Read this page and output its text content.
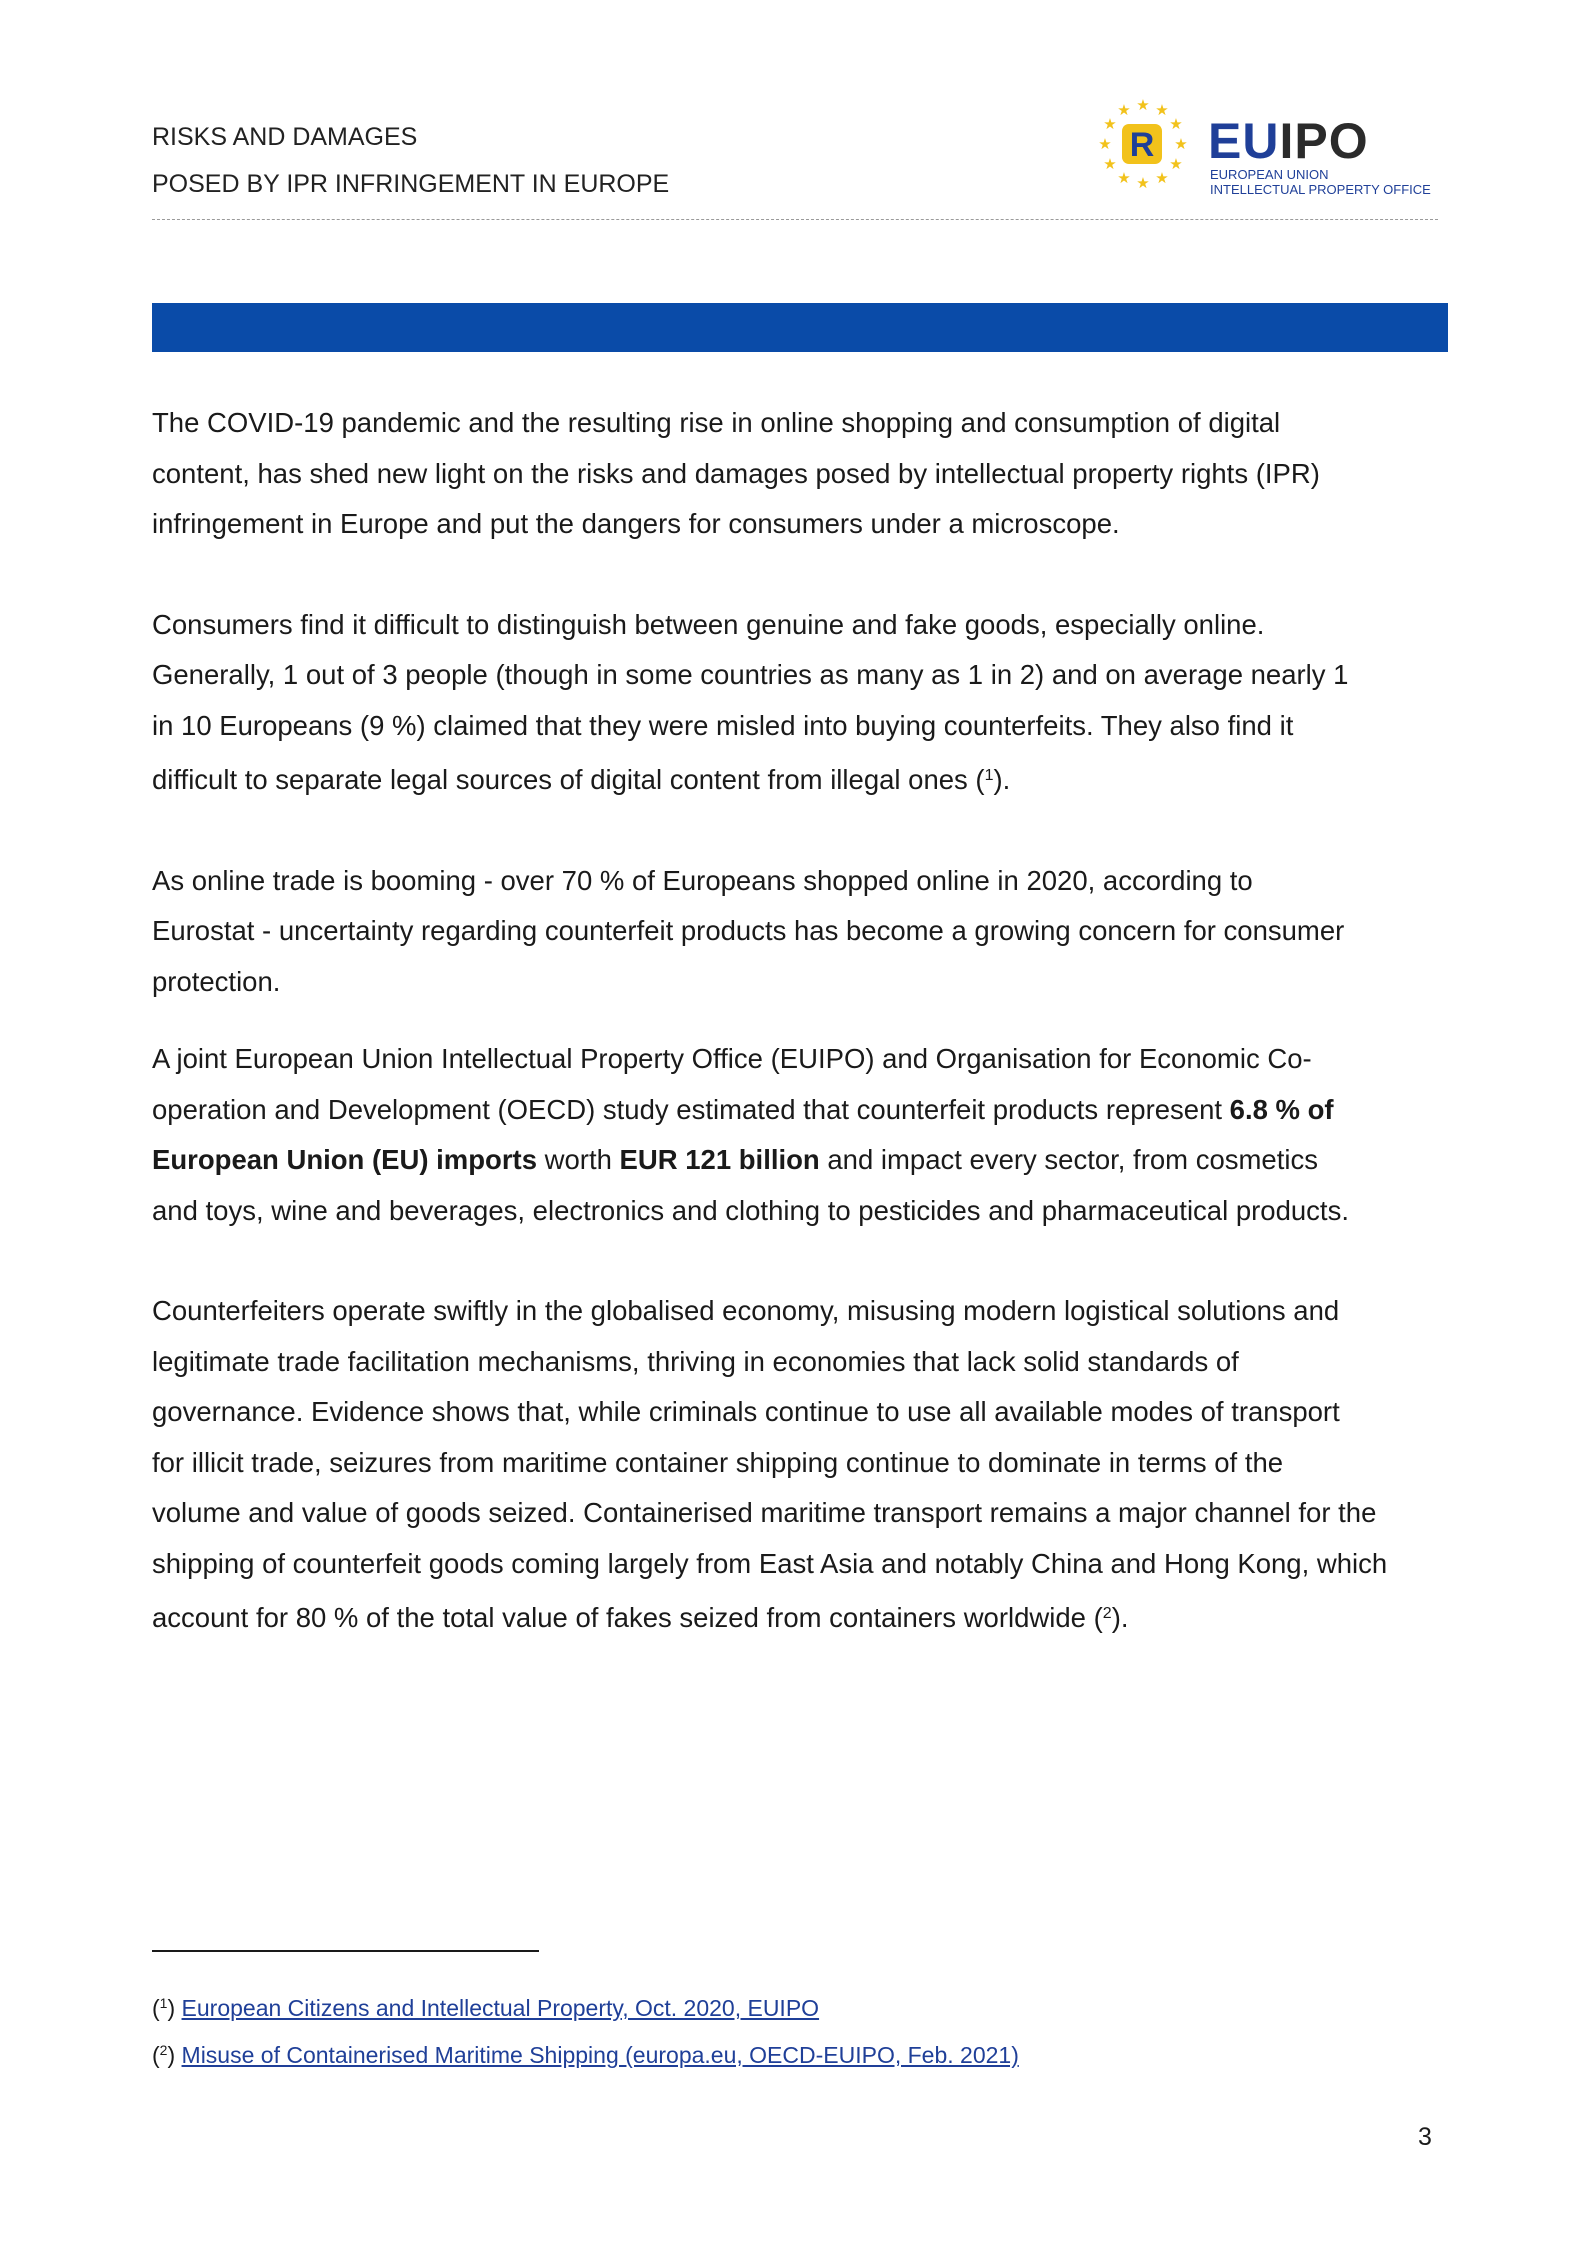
RISKS AND DAMAGES
POSED BY IPR INFRINGEMENT IN EUROPE
★ ★
★
★
★
★
★
★
★
★
★
★
R EUIPO
EUROPEAN UNION
INTELLECTUAL PROPERTY OFFICE

The COVID-19 pandemic and the resulting rise in online shopping and consumption of digital

content, has shed new light on the risks and damages posed by intellectual property rights (IPR)

infringement in Europe and put the dangers for consumers under a microscope.

Consumers find it difficult to distinguish between genuine and fake goods, especially online.

Generally, 1 out of 3 people (though in some countries as many as 1 in 2) and on average nearly 1

in 10 Europeans (9 %) claimed that they were misled into buying counterfeits. They also find it

difficult to separate legal sources of digital content from illegal ones ($^1$).

As online trade is booming - over 70 % of Europeans shopped online in 2020, according to

Eurostat - uncertainty regarding counterfeit products has become a growing concern for consumer

protection.

A joint European Union Intellectual Property Office (EUIPO) and Organisation for Economic Co-

operation and Development (OECD) study estimated that counterfeit products represent 6.8 % of

European Union (EU) imports worth EUR 121 billion and impact every sector, from cosmetics

and toys, wine and beverages, electronics and clothing to pesticides and pharmaceutical products.

Counterfeiters operate swiftly in the globalised economy, misusing modern logistical solutions and

legitimate trade facilitation mechanisms, thriving in economies that lack solid standards of

governance. Evidence shows that, while criminals continue to use all available modes of transport

for illicit trade, seizures from maritime container shipping continue to dominate in terms of the

volume and value of goods seized. Containerised maritime transport remains a major channel for the

shipping of counterfeit goods coming largely from East Asia and notably China and Hong Kong, which

account for 80 % of the total value of fakes seized from containers worldwide ($^2$).

($^1$) European Citizens and Intellectual Property, Oct. 2020, EUIPO
($^2$) Misuse of Containerised Maritime Shipping (europa.eu, OECD-EUIPO, Feb. 2021)
3
